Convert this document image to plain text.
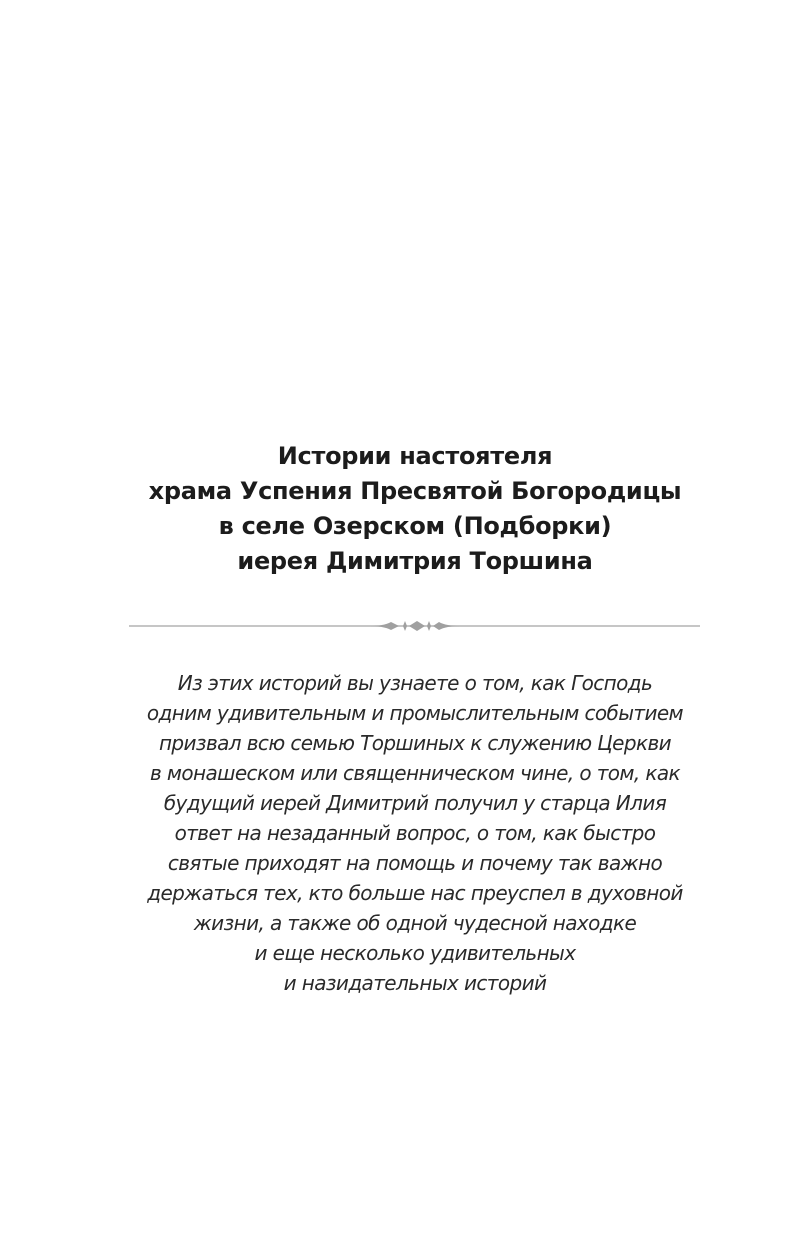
Истории настоятеля
храма Успения Пресвятой Богородицы
в селе Озерском (Подборки)
иерея Димитрия Торшина
Из этих историй вы узнаете о том, как Господь
одним удивительным и промыслительным событием
призвал всю семью Торшиных к служению Церкви
в монашеском или священническом чине, о том, как
будущий иерей Димитрий получил у старца Илия
ответ на незаданный вопрос, о том, как быстро
святые приходят на помощь и почему так важно
держаться тех, кто больше нас преуспел в духовной
жизни, а также об одной чудесной находке
и еще несколько удивительных
и назидательных историй
